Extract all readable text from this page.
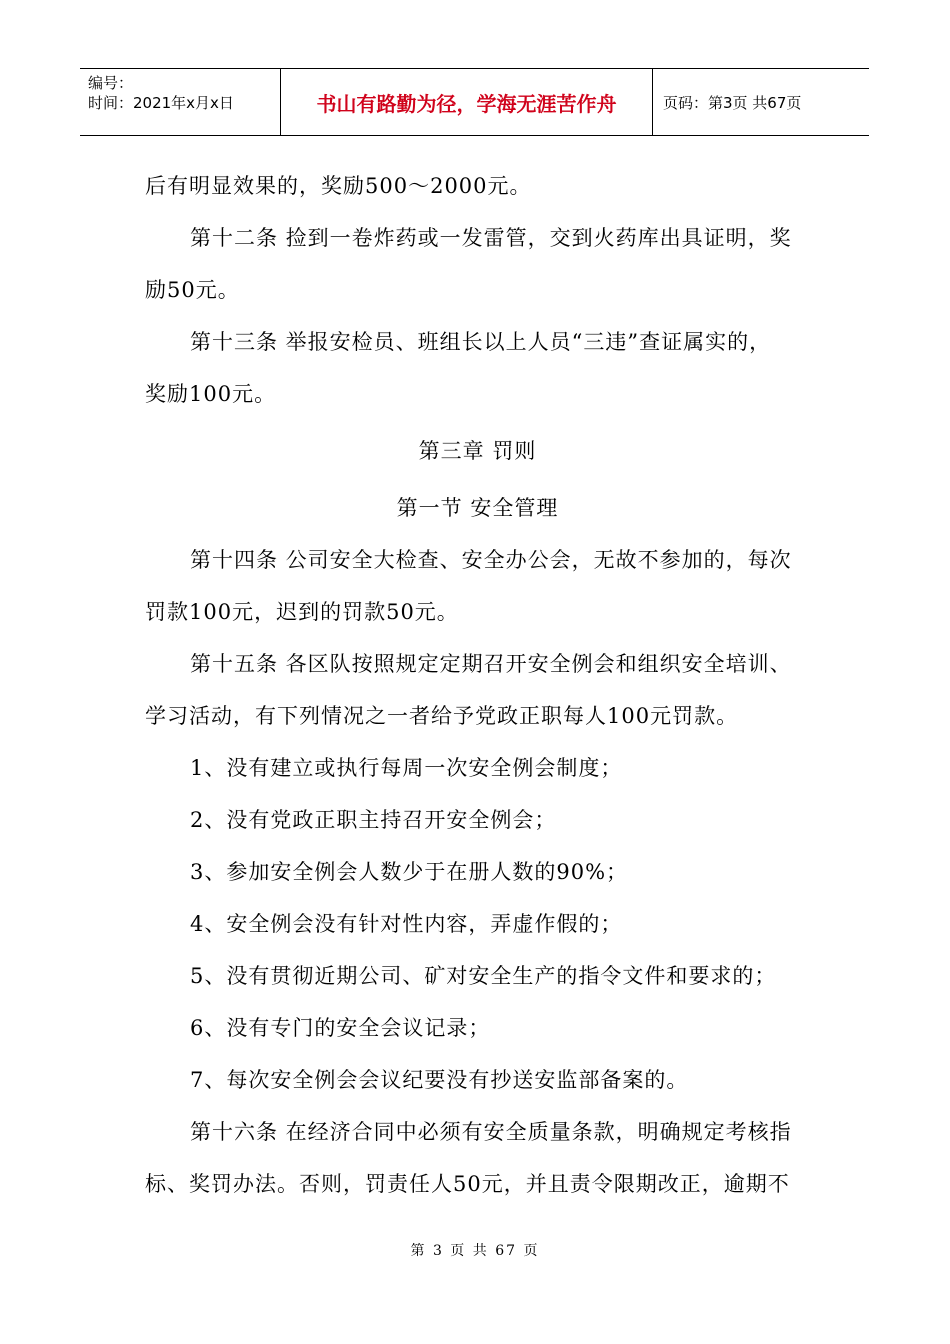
编号：
时间：2021年x月x日	书山有路勤为径，学海无涯苦作舟	页码：第3页 共67页
后有明显效果的，奖励500～2000元。
第十二条 捡到一卷炸药或一发雷管，交到火药库出具证明，奖
励50元。
第十三条 举报安检员、班组长以上人员“三违”查证属实的，
奖励100元。
第三章 罚则
第一节 安全管理
第十四条 公司安全大检查、安全办公会，无故不参加的，每次
罚款100元，迟到的罚款50元。
第十五条 各区队按照规定定期召开安全例会和组织安全培训、
学习活动，有下列情况之一者给予党政正职每人100元罚款。
1、没有建立或执行每周一次安全例会制度；
2、没有党政正职主持召开安全例会；
3、参加安全例会人数少于在册人数的90%；
4、安全例会没有针对性内容，弄虚作假的；
5、没有贯彻近期公司、矿对安全生产的指令文件和要求的；
6、没有专门的安全会议记录；
7、每次安全例会会议纪要没有抄送安监部备案的。
第十六条 在经济合同中必须有安全质量条款，明确规定考核指
标、奖罚办法。否则，罚责任人50元，并且责令限期改正，逾期不
第 3 页 共 67 页
